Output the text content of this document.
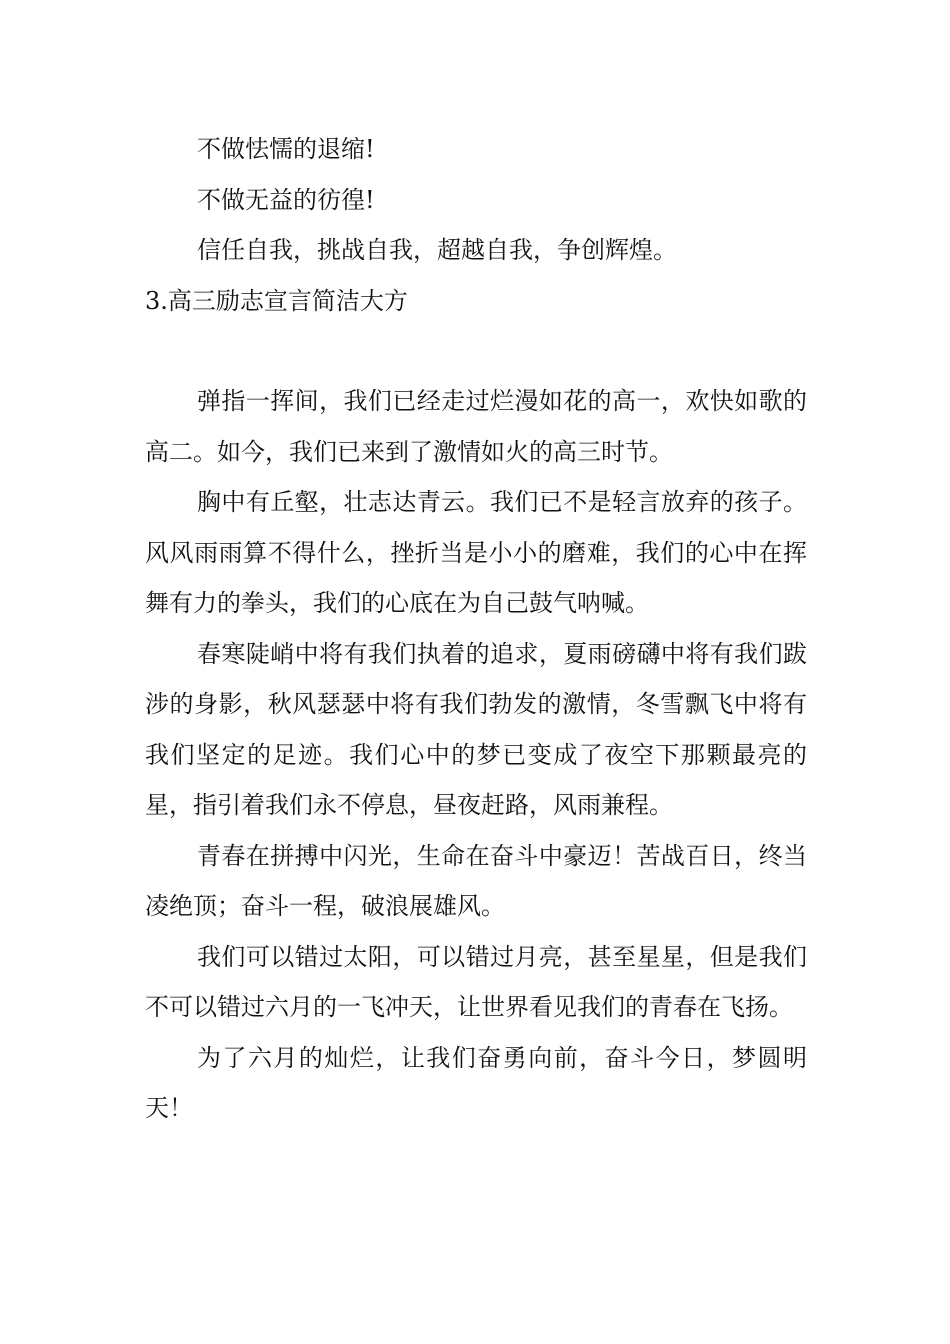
不做怯懦的退缩!

不做无益的彷徨!

信任自我，挑战自我，超越自我，争创辉煌。

3.高三励志宣言简洁大方

弹指一挥间，我们已经走过烂漫如花的高一，欢快如歌的高二。如今，我们已来到了激情如火的高三时节。

胸中有丘壑，壮志达青云。我们已不是轻言放弃的孩子。风风雨雨算不得什么，挫折当是小小的磨难，我们的心中在挥舞有力的拳头，我们的心底在为自己鼓气呐喊。

春寒陡峭中将有我们执着的追求，夏雨磅礴中将有我们跋涉的身影，秋风瑟瑟中将有我们勃发的激情，冬雪飘飞中将有我们坚定的足迹。我们心中的梦已变成了夜空下那颗最亮的星，指引着我们永不停息，昼夜赶路，风雨兼程。

青春在拼搏中闪光，生命在奋斗中豪迈！苦战百日，终当凌绝顶；奋斗一程，破浪展雄风。

我们可以错过太阳，可以错过月亮，甚至星星，但是我们不可以错过六月的一飞冲天，让世界看见我们的青春在飞扬。

为了六月的灿烂，让我们奋勇向前，奋斗今日，梦圆明天！
